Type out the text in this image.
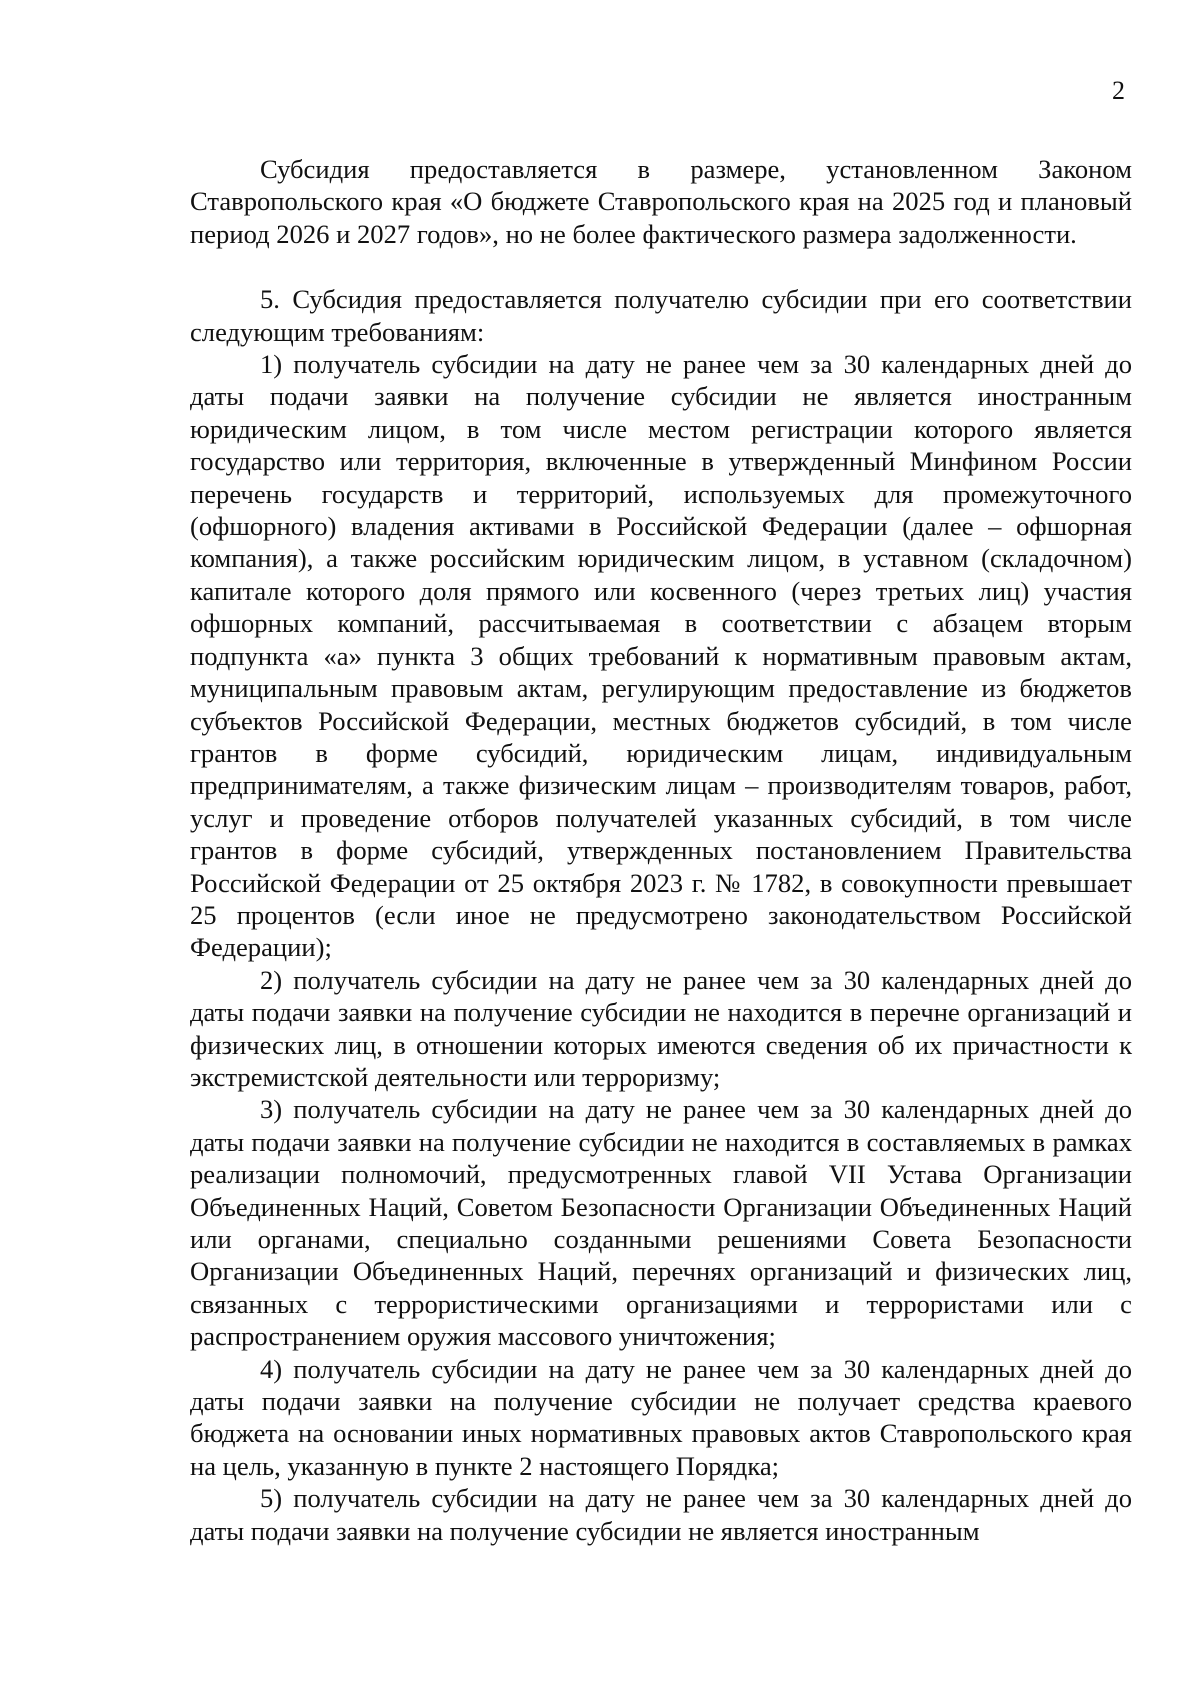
2

Субсидия предоставляется в размере, установленном Законом Ставропольского края «О бюджете Ставропольского края на 2025 год и плановый период 2026 и 2027 годов», но не более фактического размера задолженности.

5. Субсидия предоставляется получателю субсидии при его соответствии следующим требованиям:

1) получатель субсидии на дату не ранее чем за 30 календарных дней до даты подачи заявки на получение субсидии не является иностранным юридическим лицом, в том числе местом регистрации которого является государство или территория, включенные в утвержденный Минфином России перечень государств и территорий, используемых для промежуточного (офшорного) владения активами в Российской Федерации (далее – офшорная компания), а также российским юридическим лицом, в уставном (складочном) капитале которого доля прямого или косвенного (через третьих лиц) участия офшорных компаний, рассчитываемая в соответствии с абзацем вторым подпункта «а» пункта 3 общих требований к нормативным правовым актам, муниципальным правовым актам, регулирующим предоставление из бюджетов субъектов Российской Федерации, местных бюджетов субсидий, в том числе грантов в форме субсидий, юридическим лицам, индивидуальным предпринимателям, а также физическим лицам – производителям товаров, работ, услуг и проведение отборов получателей указанных субсидий, в том числе грантов в форме субсидий, утвержденных постановлением Правительства Российской Федерации от 25 октября 2023 г. № 1782, в совокупности превышает 25 процентов (если иное не предусмотрено законодательством Российской Федерации);

2) получатель субсидии на дату не ранее чем за 30 календарных дней до даты подачи заявки на получение субсидии не находится в перечне организаций и физических лиц, в отношении которых имеются сведения об их причастности к экстремистской деятельности или терроризму;

3) получатель субсидии на дату не ранее чем за 30 календарных дней до даты подачи заявки на получение субсидии не находится в составляемых в рамках реализации полномочий, предусмотренных главой VII Устава Организации Объединенных Наций, Советом Безопасности Организации Объединенных Наций или органами, специально созданными решениями Совета Безопасности Организации Объединенных Наций, перечнях организаций и физических лиц, связанных с террористическими организациями и террористами или с распространением оружия массового уничтожения;

4) получатель субсидии на дату не ранее чем за 30 календарных дней до даты подачи заявки на получение субсидии не получает средства краевого бюджета на основании иных нормативных правовых актов Ставропольского края на цель, указанную в пункте 2 настоящего Порядка;

5) получатель субсидии на дату не ранее чем за 30 календарных дней до даты подачи заявки на получение субсидии не является иностранным
